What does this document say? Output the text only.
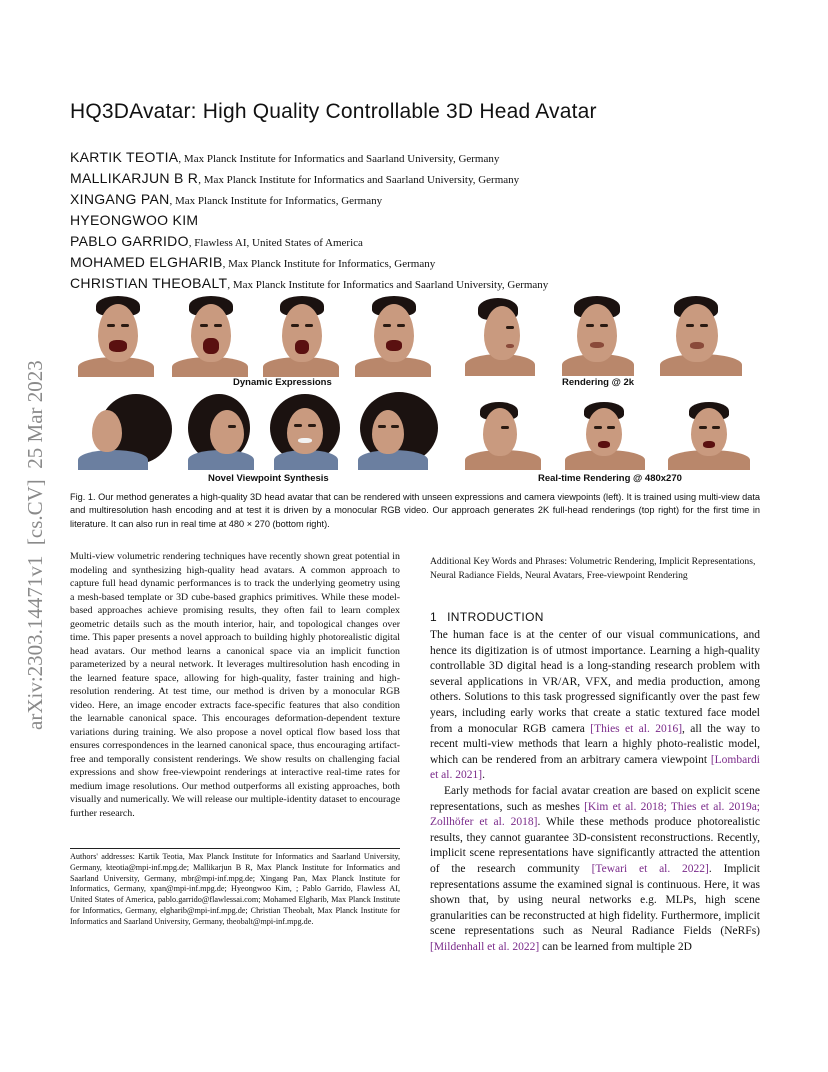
arXiv:2303.14471v1  [cs.CV]  25 Mar 2023
HQ3DAvatar: High Quality Controllable 3D Head Avatar
KARTIK TEOTIA, Max Planck Institute for Informatics and Saarland University, Germany
MALLIKARJUN B R, Max Planck Institute for Informatics and Saarland University, Germany
XINGANG PAN, Max Planck Institute for Informatics, Germany
HYEONGWOO KIM
PABLO GARRIDO, Flawless AI, United States of America
MOHAMED ELGHARIB, Max Planck Institute for Informatics, Germany
CHRISTIAN THEOBALT, Max Planck Institute for Informatics and Saarland University, Germany
Dynamic Expressions	Rendering @ 2k
Novel Viewpoint Synthesis	Real-time Rendering @ 480x270
Fig. 1. Our method generates a high-quality 3D head avatar that can be rendered with unseen expressions and camera viewpoints (left). It is trained using multi-view data and multiresolution hash encoding and at test it is driven by a monocular RGB video. Our approach generates 2K full-head renderings (top right) for the first time in literature. It can also run in real time at 480 × 270 (bottom right).
Multi-view volumetric rendering techniques have recently shown great potential in modeling and synthesizing high-quality head avatars. A common approach to capture full head dynamic performances is to track the underlying geometry using a mesh-based template or 3D cube-based graphics primitives. While these model-based approaches achieve promising results, they often fail to learn complex geometric details such as the mouth interior, hair, and topological changes over time. This paper presents a novel approach to building highly photorealistic digital head avatars. Our method learns a canonical space via an implicit function parameterized by a neural network. It leverages multiresolution hash encoding in the learned feature space, allowing for high-quality, faster training and high-resolution rendering. At test time, our method is driven by a monocular RGB video. Here, an image encoder extracts face-specific features that also condition the learnable canonical space. This encourages deformation-dependent texture variations during training. We also propose a novel optical flow based loss that ensures correspondences in the learned canonical space, thus encouraging artifact-free and temporally consistent renderings. We show results on challenging facial expressions and show free-viewpoint renderings at interactive real-time rates for medium image resolutions. Our method outperforms all existing approaches, both visually and numerically. We will release our multiple-identity dataset to encourage further research.
Authors' addresses: Kartik Teotia, Max Planck Institute for Informatics and Saarland University, Germany, kteotia@mpi-inf.mpg.de; Mallikarjun B R, Max Planck Institute for Informatics and Saarland University, Germany, mbr@mpi-inf.mpg.de; Xingang Pan, Max Planck Institute for Informatics, Germany, xpan@mpi-inf.mpg.de; Hyeongwoo Kim, ; Pablo Garrido, Flawless AI, United States of America, pablo.garrido@flawlessai.com; Mohamed Elgharib, Max Planck Institute for Informatics, Germany, elgharib@mpi-inf.mpg.de; Christian Theobalt, Max Planck Institute for Informatics and Saarland University, Germany, theobalt@mpi-inf.mpg.de.
Additional Key Words and Phrases: Volumetric Rendering, Implicit Representations, Neural Radiance Fields, Neural Avatars, Free-viewpoint Rendering
1 INTRODUCTION

The human face is at the center of our visual communications, and hence its digitization is of utmost importance. Learning a high-quality controllable 3D digital head is a long-standing research problem with several applications in VR/AR, VFX, and media production, among others. Solutions to this task progressed significantly over the past few years, including early works that create a static textured face model from a monocular RGB camera [Thies et al. 2016], all the way to recent multi-view methods that learn a highly photo-realistic model, which can be rendered from an arbitrary camera viewpoint [Lombardi et al. 2021].

Early methods for facial avatar creation are based on explicit scene representations, such as meshes [Kim et al. 2018; Thies et al. 2019a; Zollhöfer et al. 2018]. While these methods produce photorealistic results, they cannot guarantee 3D-consistent reconstructions. Recently, implicit scene representations have significantly attracted the attention of the research community [Tewari et al. 2022]. Implicit representations assume the examined signal is continuous. Here, it was shown that, by using neural networks e.g. MLPs, high scene granularities can be reconstructed at high fidelity. Furthermore, implicit scene representations such as Neural Radiance Fields (NeRFs) [Mildenhall et al. 2022] can be learned from multiple 2D
